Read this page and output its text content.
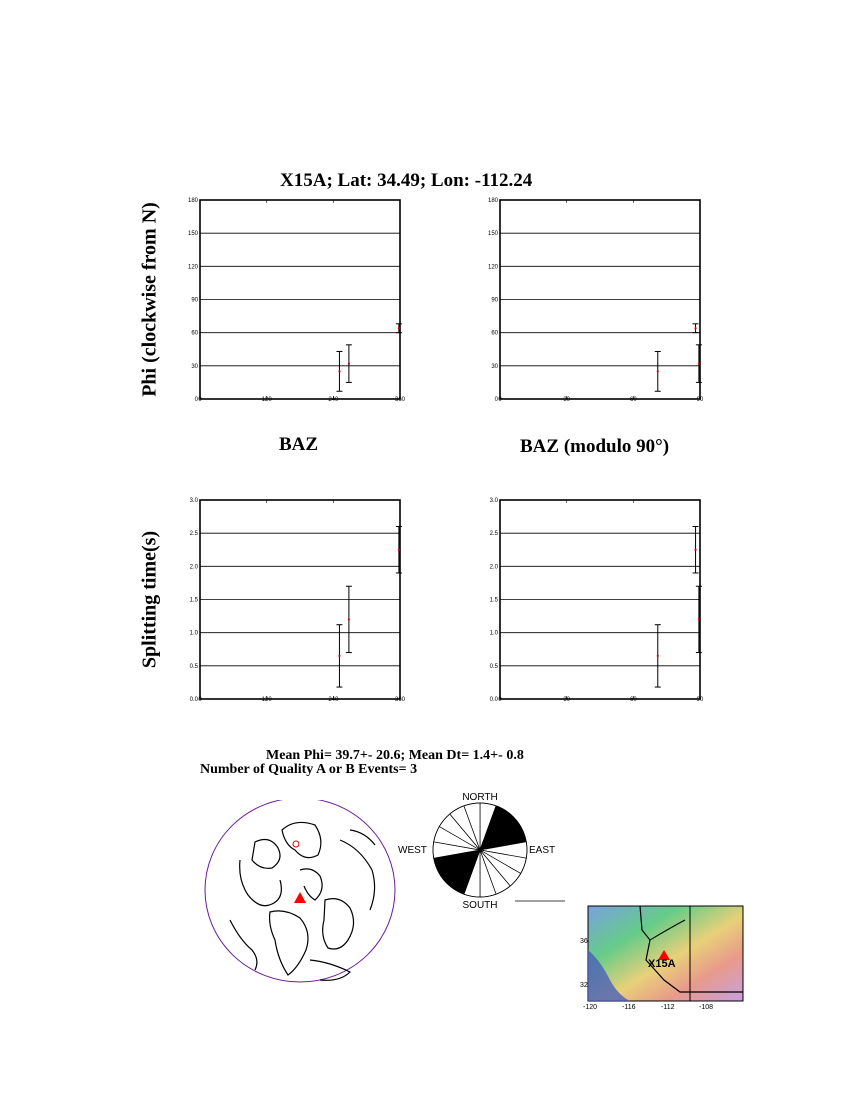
X15A; Lat: 34.49; Lon: -112.24
Phi (clockwise from N)
Splitting time(s)
BAZ	BAZ (modulo 90°)
0
30
60
90
120
150
180
0	120	240	360	0
30
60
90
120
150
180
0	30	60	90
0.0
0.5
1.0
1.5
2.0
2.5
3.0
0	120	240	360	0.0
0.5
1.0
1.5
2.0
2.5
3.0
0	30	60	90
Mean Phi= 39.7+- 20.6; Mean Dt= 1.4+- 0.8
Number of Quality A or B Events= 3
NORTH
SOUTH
EAST
WEST
X15A
36
32
-120	-116	-112	-108
